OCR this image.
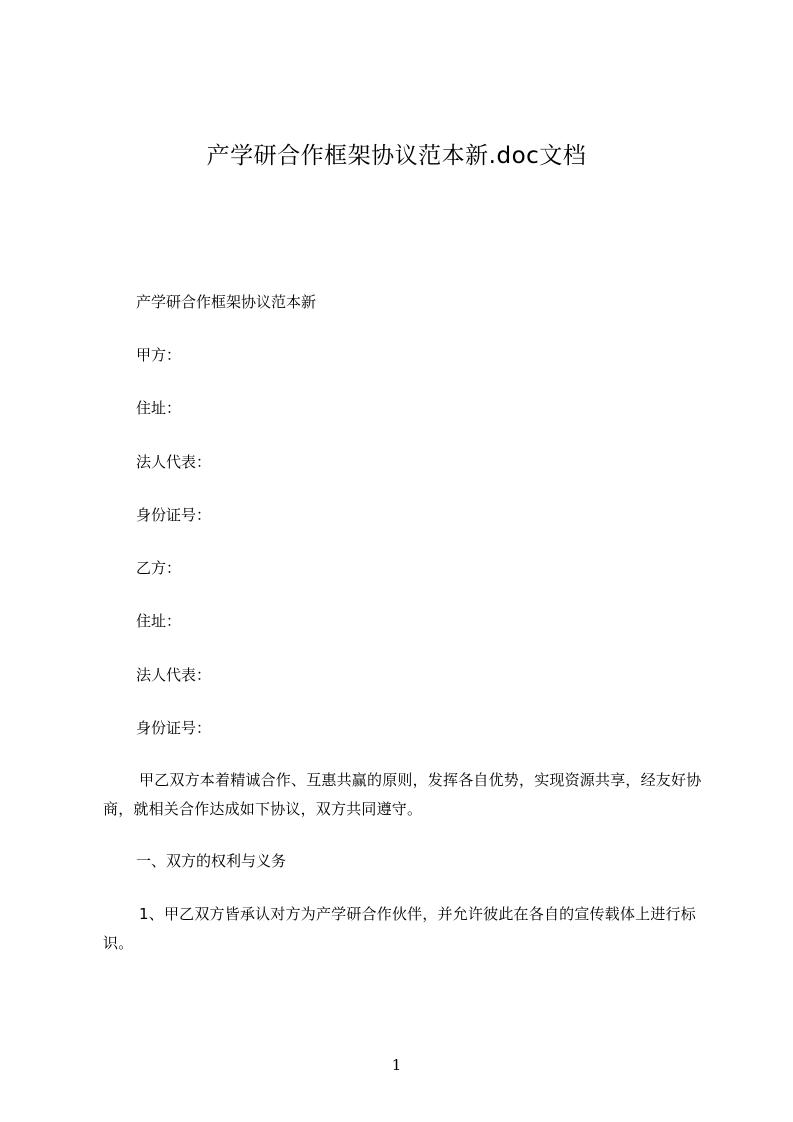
产学研合作框架协议范本新.doc文档
产学研合作框架协议范本新
甲方：
住址：
法人代表：
身份证号：
乙方：
住址：
法人代表：
身份证号：
甲乙双方本着精诚合作、互惠共赢的原则，发挥各自优势，实现资源共享，经友好协商，就相关合作达成如下协议，双方共同遵守。
一、双方的权利与义务
1、甲乙双方皆承认对方为产学研合作伙伴，并允许彼此在各自的宣传载体上进行标识。
1
